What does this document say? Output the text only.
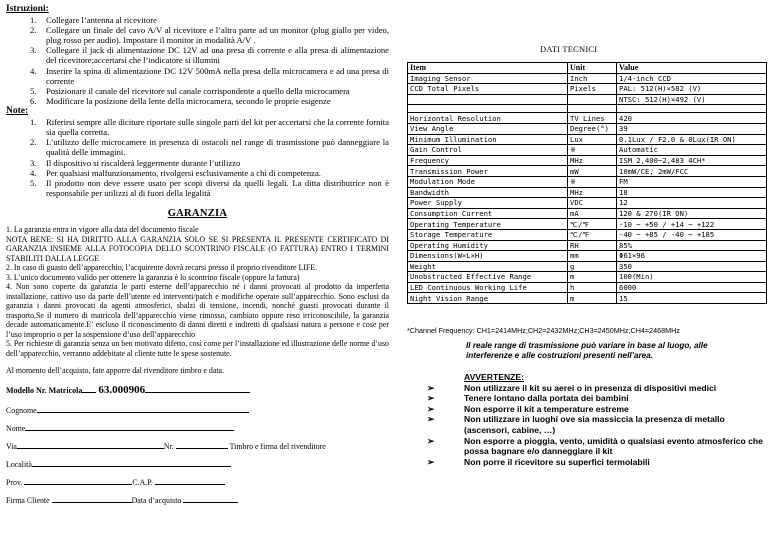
Istruzioni:
1. Collegare l’antenna al ricevitore
2. Collegare un finale del cavo A/V al ricevitore e l’altra parte ad un monitor (plug giallo per video, plug rosso per audio). Impostare il monitor in modalità A/V .
3. Collegare il jack di alimentazione DC 12V ad una presa di corrente e alla presa di alimentazione del ricevitore;accertarsi che l’indicatore si illumini
4. Inserire la spina di alimentazione DC 12V 500mA nella presa della microcamera e ad una presa di corrente
5. Posizionare il canale del ricevitore sul canale corrispondente a quello della microcamera
6. Modificare la posizione della lente della microcamera, secondo le proprie esigenze
Note:
1. Riferirsi sempre alle diciture riportate sulle singole parti del kit per accertarsi che la corrente fornita sia quella corretta.
2. L’utilizzo delle microcamere in presenza di ostacoli nel range di trasmissione può danneggiare la qualità delle immagini.
3. Il dispositivo si riscalderà leggermente durante l’utilizzo
4. Per qualsiasi malfunzionamento, rivolgersi esclusivamente a chi di competenza.
5. Il prodotto non deve essere usato per scopi diversi da quelli legali. La ditta distributrice non è responsabile per utilizzi al di fuori della legalità
GARANZIA

1. La garanzia entra in vigore alla data del documento fiscale

NOTA BENE: SI HA DIRITTO ALLA GARANZIA SOLO SE SI PRESENTA IL PRESENTE CERTIFICATO DI GARANZIA INSIEME ALLA FOTOCOPIA DELLO SCONTRINO FISCALE (O FATTURA) ENTRO I TERMINI STABILITI DALLA LEGGE

2. In caso di guasto dell’apparecchio, l’acquirente dovrà recarsi presso il proprio rivenditore LIFE.

3. L’unico documento valido per ottenere la garanzia è lo scontrino fiscale (oppure la fattura)

4. Non sono coperte da garanzia le parti esterne dell’apparecchio né i danni provocati al prodotto da imperfetta installazione, cattivo uso da parte dell’utente ed interventi/patch e modifiche operate sull’apparecchio. Sono esclusi da garanzia i danni provocati da agenti atmosferici, sbalzi di tensione, incendi, nonché guasti provocati durante il trasporto.Se il numero di matricola dell’apparecchio viene rimosso, cambiato oppure reso irriconoscibile, la garanzia decade automaticamente.E’ escluso il riconoscimento di danni diretti e indiretti di qualsiasi natura a persone e cose per l’uso improprio o per la sospensione d’uso dell’apparecchio

5. Per richieste di garanzia senza un ben motivato difetto, così come per l’installazione ed illustrazione delle norme d’uso dell’apparecchio, verranno addebitate al cliente tutte le spese sostenute.

Al momento dell’acquisto, fate apporre dal rivenditore timbro e data.

Modello Nr. Matricola 63.000906
Cognome
Nome
Via	Nr.	Timbro e firma del rivenditore
Località
Prov.	C.A.P.
Firma Cliente	Data d’acquisto
DATI TECNICI
Item	Unit	Value
Imaging Sensor	Inch	1/4-inch CCD
CCD Total Pixels	Pixels	PAL: 512(H)×582 (V)
		NTSC: 512(H)×492 (V)

Horizontal Resolution	TV Lines	420
View Angle	Degree(°)	39
Minimum Illumination	Lux	0.1Lux / F2.0 & 0Lux(IR ON)
Gain Control	※	Automatic
Frequency	MHz	ISM 2,400~2,483 4CH*
Transmission Power	mW	10mW/CE, 2mW/FCC
Modulation Mode	※	FM
Bandwidth	MHz	18
Power Supply	VDC	12
Consumption Current	mA	120 & 270(IR ON)
Operating Temperature	℃/℉	-10 ~ +50 / +14 ~ +122
Storage Temperature	℃/℉	-40 ~ +85 / -40 ~ +185
Operating Humidity	RH	85%
Dimensions(W×L×H)	mm	Φ61×96
Weight	g	350
Unobstructed Effective Range	m	100(Min)
LED Continuous Working Life	h	6000
Night Vision Range	m	15
*Channel Frequency: CH1=2414MHz;CH2=2432MHz;CH3=2450MHz;CH4=2468MHz
Il reale range di trasmissione può variare in base al luogo, alle interferenze e alle costruzioni presenti nell’area.
AVVERTENZE:
➢	Non utilizzare il kit su aerei o in presenza di dispositivi medici
➢	Tenere lontano dalla portata dei bambini
➢	Non esporre il kit a temperature estreme
➢	Non utilizzare in luoghi ove sia massiccia la presenza di metallo (ascensori, cabine, …)
➢	Non esporre a pioggia, vento, umidità o qualsiasi evento atmosferico che possa bagnare e/o danneggiare il kit
➢	Non porre il ricevitore su superfici termolabili
